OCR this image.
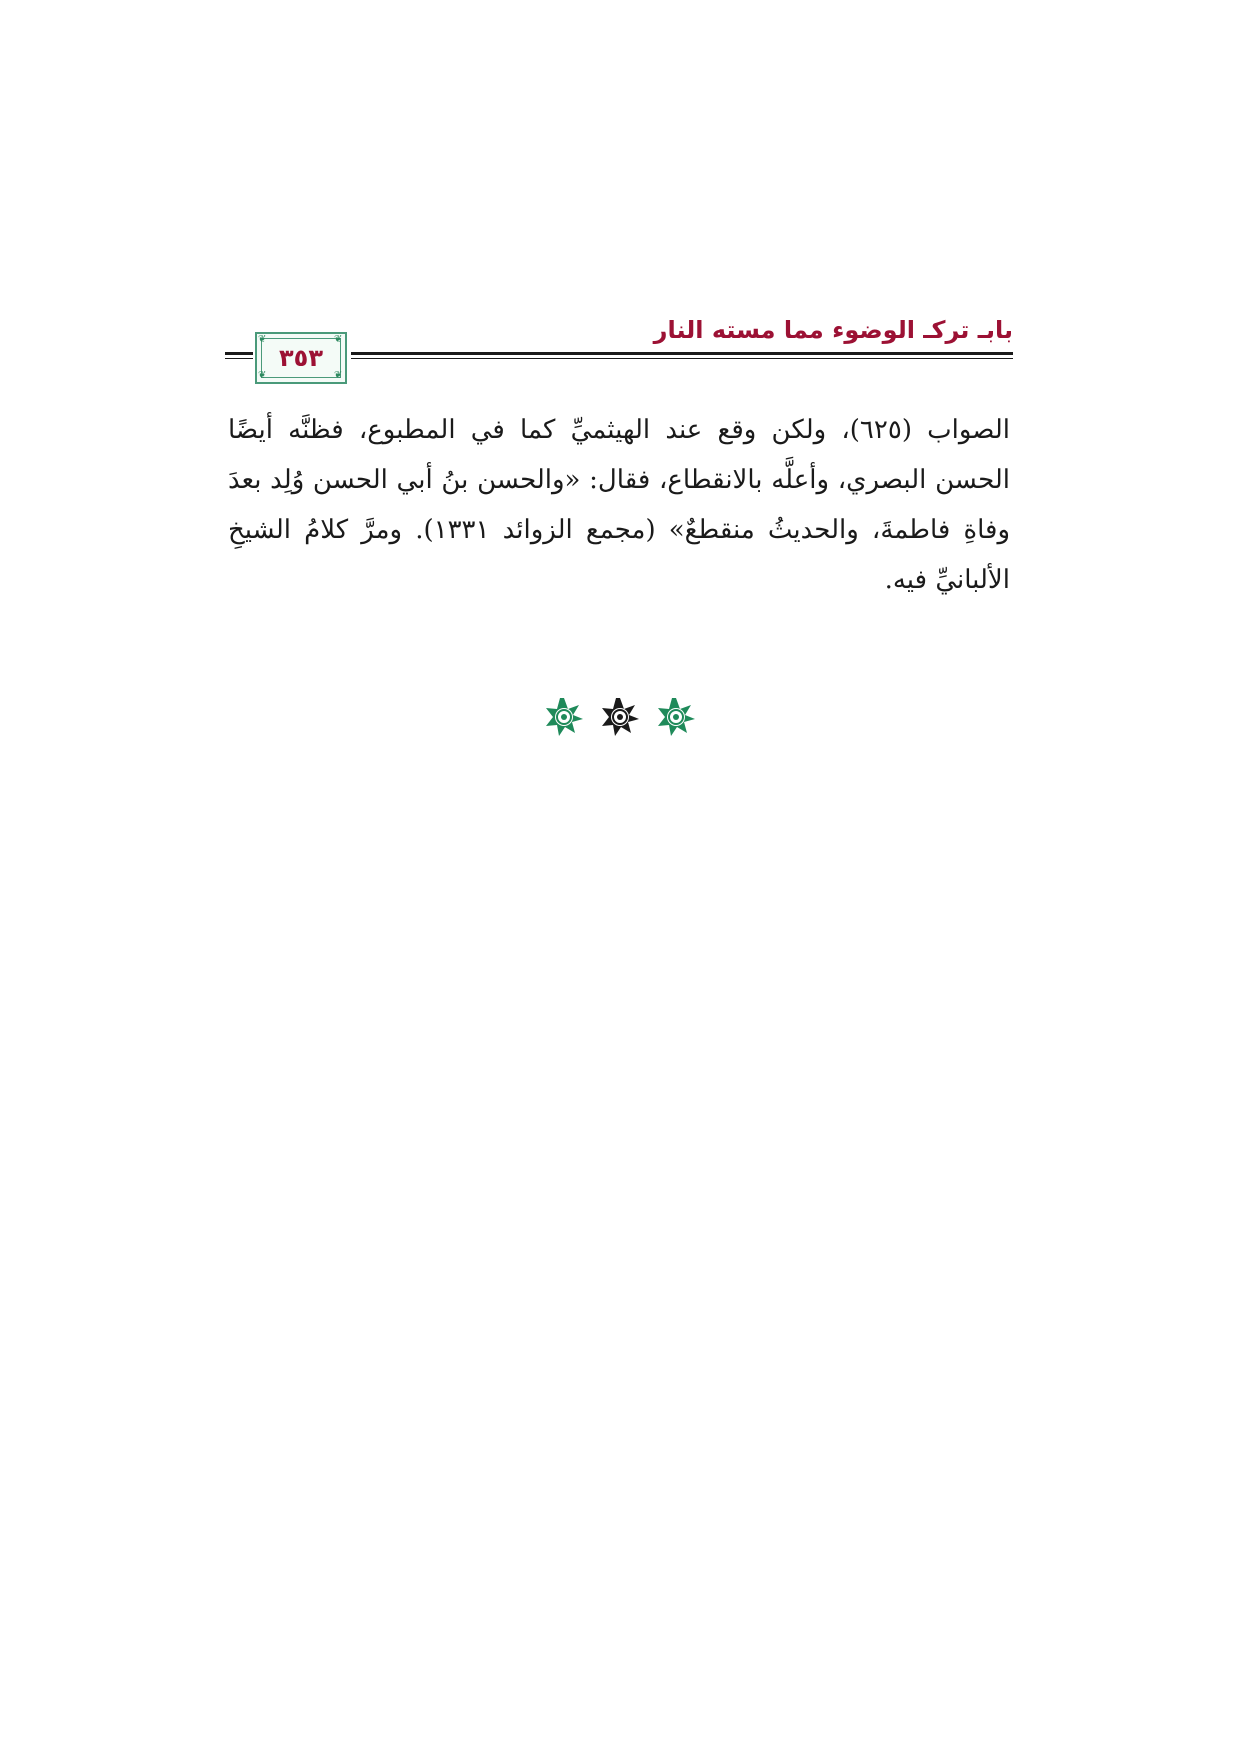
بابـ تركـ الوضوء مما مسته النار
❦	❦
❦	❦
٣٥٣
الصواب (٦٢٥)، ولكن وقع عند الهيثميِّ كما في المطبوع، فظنَّه أيضًا
الحسن البصري، وأعلَّه بالانقطاع، فقال: «والحسن بنُ أبي الحسن وُلِد بعدَ
وفاةِ فاطمةَ، والحديثُ منقطعٌ» (مجمع الزوائد ١٣٣١). ومرَّ كلامُ الشيخِ
الألبانيِّ فيه.
